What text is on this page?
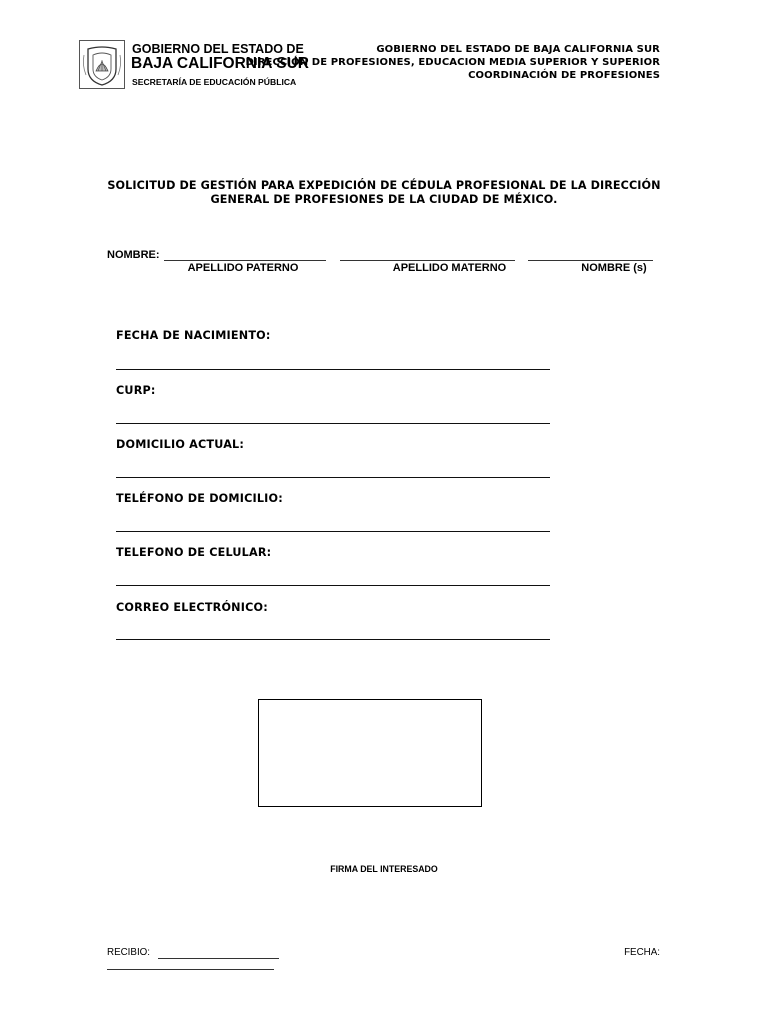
GOBIERNO DEL ESTADO DE
BAJA CALIFORNIA SUR
SECRETARÍA DE EDUCACIÓN PÚBLICA
GOBIERNO DEL ESTADO DE BAJA CALIFORNIA SUR
DIRECCIÓN DE PROFESIONES, EDUCACION MEDIA SUPERIOR Y SUPERIOR
COORDINACIÓN DE PROFESIONES
SOLICITUD DE GESTIÓN PARA EXPEDICIÓN DE CÉDULA PROFESIONAL DE LA DIRECCIÓN
GENERAL DE PROFESIONES DE LA CIUDAD DE MÉXICO.
NOMBRE:
APELLIDO PATERNO	APELLIDO MATERNO	NOMBRE (s)
FECHA DE NACIMIENTO:
CURP:
DOMICILIO ACTUAL:
TELÉFONO DE DOMICILIO:
TELEFONO DE CELULAR:
CORREO ELECTRÓNICO:
FIRMA DEL INTERESADO
RECIBIO:	FECHA:
